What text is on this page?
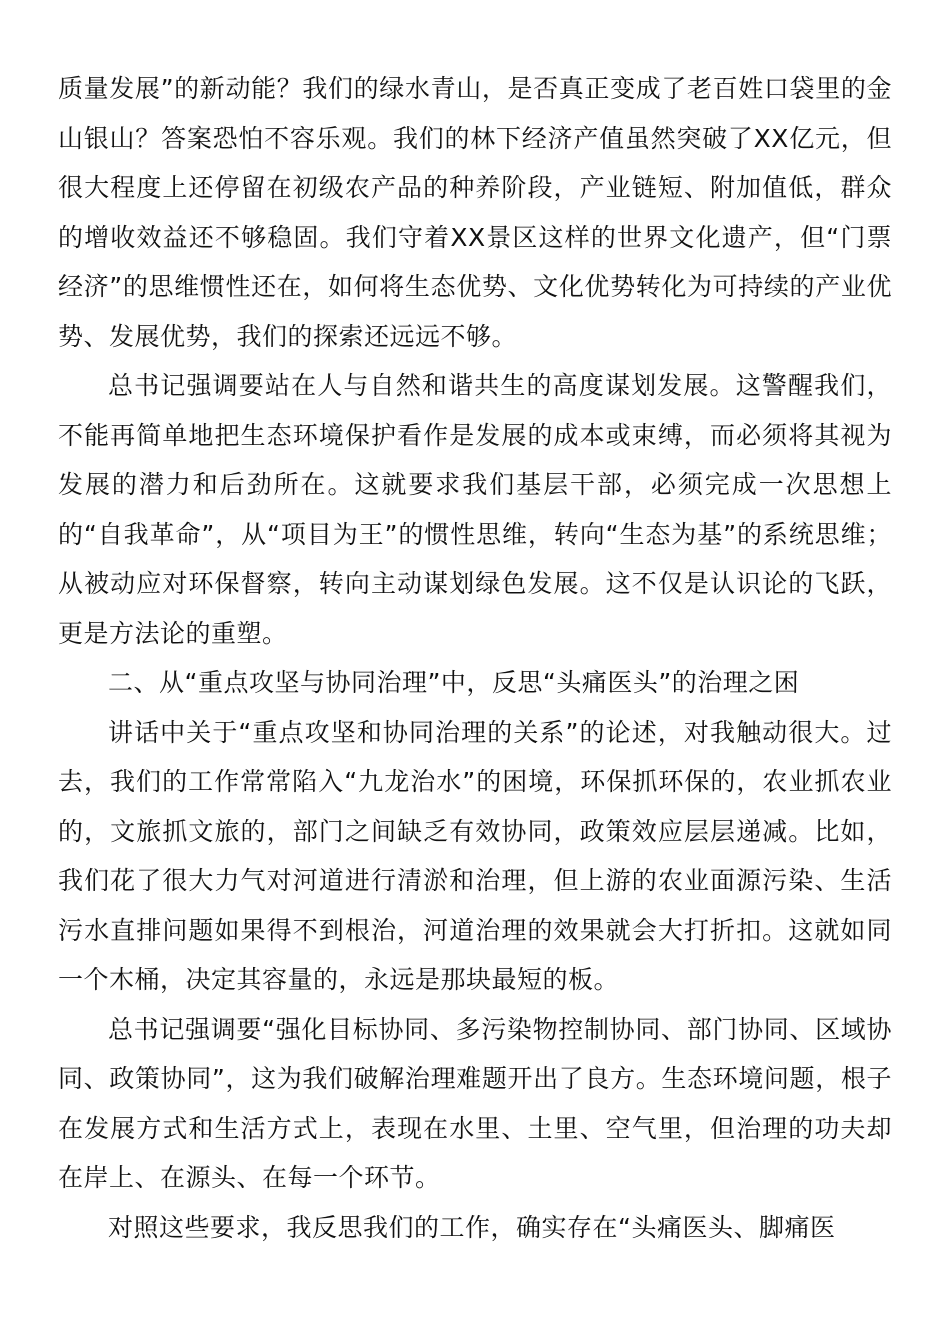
质量发展”的新动能？我们的绿水青山，是否真正变成了老百姓口袋里的金山银山？答案恐怕不容乐观。我们的林下经济产值虽然突破了XX亿元，但很大程度上还停留在初级农产品的种养阶段，产业链短、附加值低，群众的增收效益还不够稳固。我们守着XX景区这样的世界文化遗产，但“门票经济”的思维惯性还在，如何将生态优势、文化优势转化为可持续的产业优势、发展优势，我们的探索还远远不够。

总书记强调要站在人与自然和谐共生的高度谋划发展。这警醒我们，不能再简单地把生态环境保护看作是发展的成本或束缚，而必须将其视为发展的潜力和后劲所在。这就要求我们基层干部，必须完成一次思想上的“自我革命”，从“项目为王”的惯性思维，转向“生态为基”的系统思维；从被动应对环保督察，转向主动谋划绿色发展。这不仅是认识论的飞跃，更是方法论的重塑。

二、从“重点攻坚与协同治理”中，反思“头痛医头”的治理之困

讲话中关于“重点攻坚和协同治理的关系”的论述，对我触动很大。过去，我们的工作常常陷入“九龙治水”的困境，环保抓环保的，农业抓农业的，文旅抓文旅的，部门之间缺乏有效协同，政策效应层层递减。比如，我们花了很大力气对河道进行清淤和治理，但上游的农业面源污染、生活污水直排问题如果得不到根治，河道治理的效果就会大打折扣。这就如同一个木桶，决定其容量的，永远是那块最短的板。

总书记强调要“强化目标协同、多污染物控制协同、部门协同、区域协同、政策协同”，这为我们破解治理难题开出了良方。生态环境问题，根子在发展方式和生活方式上，表现在水里、土里、空气里，但治理的功夫却在岸上、在源头、在每一个环节。

对照这些要求，我反思我们的工作，确实存在“头痛医头、脚痛医
